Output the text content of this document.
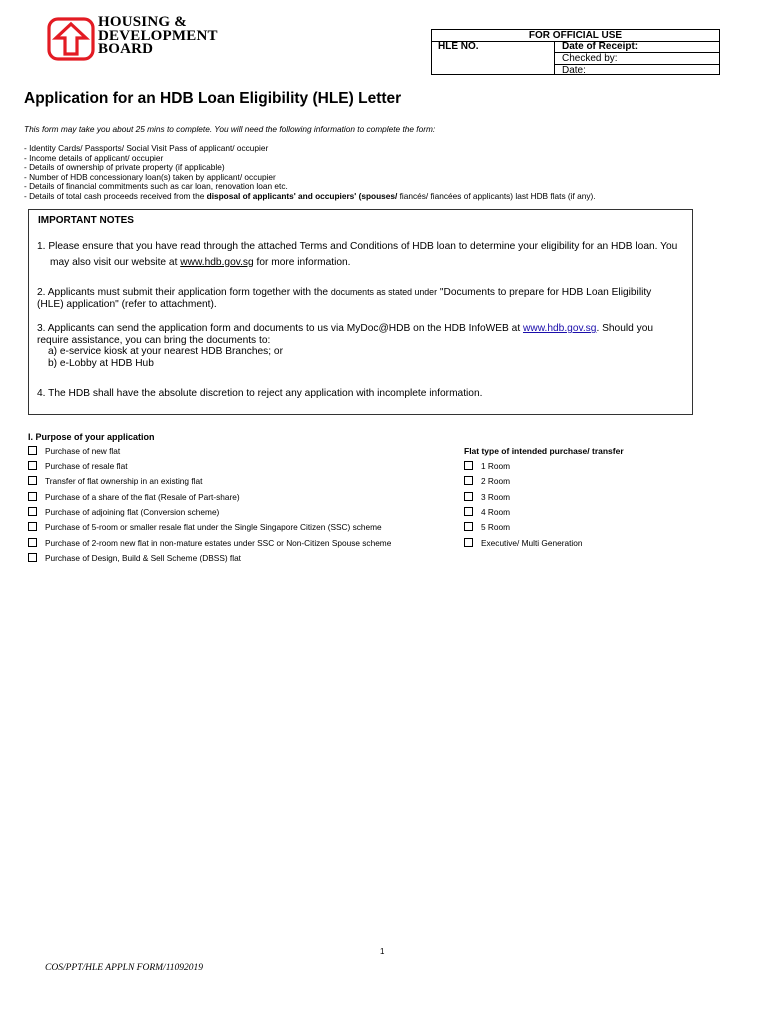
HOUSING &
DEVELOPMENT
BOARD
FOR OFFICIAL USE
HLE NO.	Date of Receipt:
Checked by:
Date:
Application for an HDB Loan Eligibility (HLE) Letter
This form may take you about 25 mins to complete. You will need the following information to complete the form:
- Identity Cards/ Passports/ Social Visit Pass of applicant/ occupier
- Income details of applicant/ occupier
- Details of ownership of private property (if applicable)
- Number of HDB concessionary loan(s) taken by applicant/ occupier
- Details of financial commitments such as car loan, renovation loan etc.
- Details of total cash proceeds received from the disposal of applicants' and occupiers' (spouses/ fiancés/ fiancées of applicants) last HDB flats (if any).
IMPORTANT NOTES
1. Please ensure that you have read through the attached Terms and Conditions of HDB loan to determine your eligibility for an HDB loan. You
may also visit our website at www.hdb.gov.sg for more information.
2. Applicants must submit their application form together with the documents as stated under "Documents to prepare for HDB Loan Eligibility
(HLE) application" (refer to attachment).
3. Applicants can send the application form and documents to us via MyDoc@HDB on the HDB InfoWEB at www.hdb.gov.sg. Should you
require assistance, you can bring the documents to:
a) e-service kiosk at your nearest HDB Branches; or
b) e-Lobby at HDB Hub
4. The HDB shall have the absolute discretion to reject any application with incomplete information.
I. Purpose of your application
Purchase of new flat
Purchase of resale flat
Transfer of flat ownership in an existing flat
Purchase of a share of the flat (Resale of Part-share)
Purchase of adjoining flat (Conversion scheme)
Purchase of 5-room or smaller resale flat under the Single Singapore Citizen (SSC) scheme
Purchase of 2-room new flat in non-mature estates under SSC or Non-Citizen Spouse scheme
Purchase of Design, Build & Sell Scheme (DBSS) flat
Flat type of intended purchase/ transfer
1 Room
2 Room
3 Room
4 Room
5 Room
Executive/ Multi Generation
1
COS/PPT/HLE APPLN FORM/11092019
